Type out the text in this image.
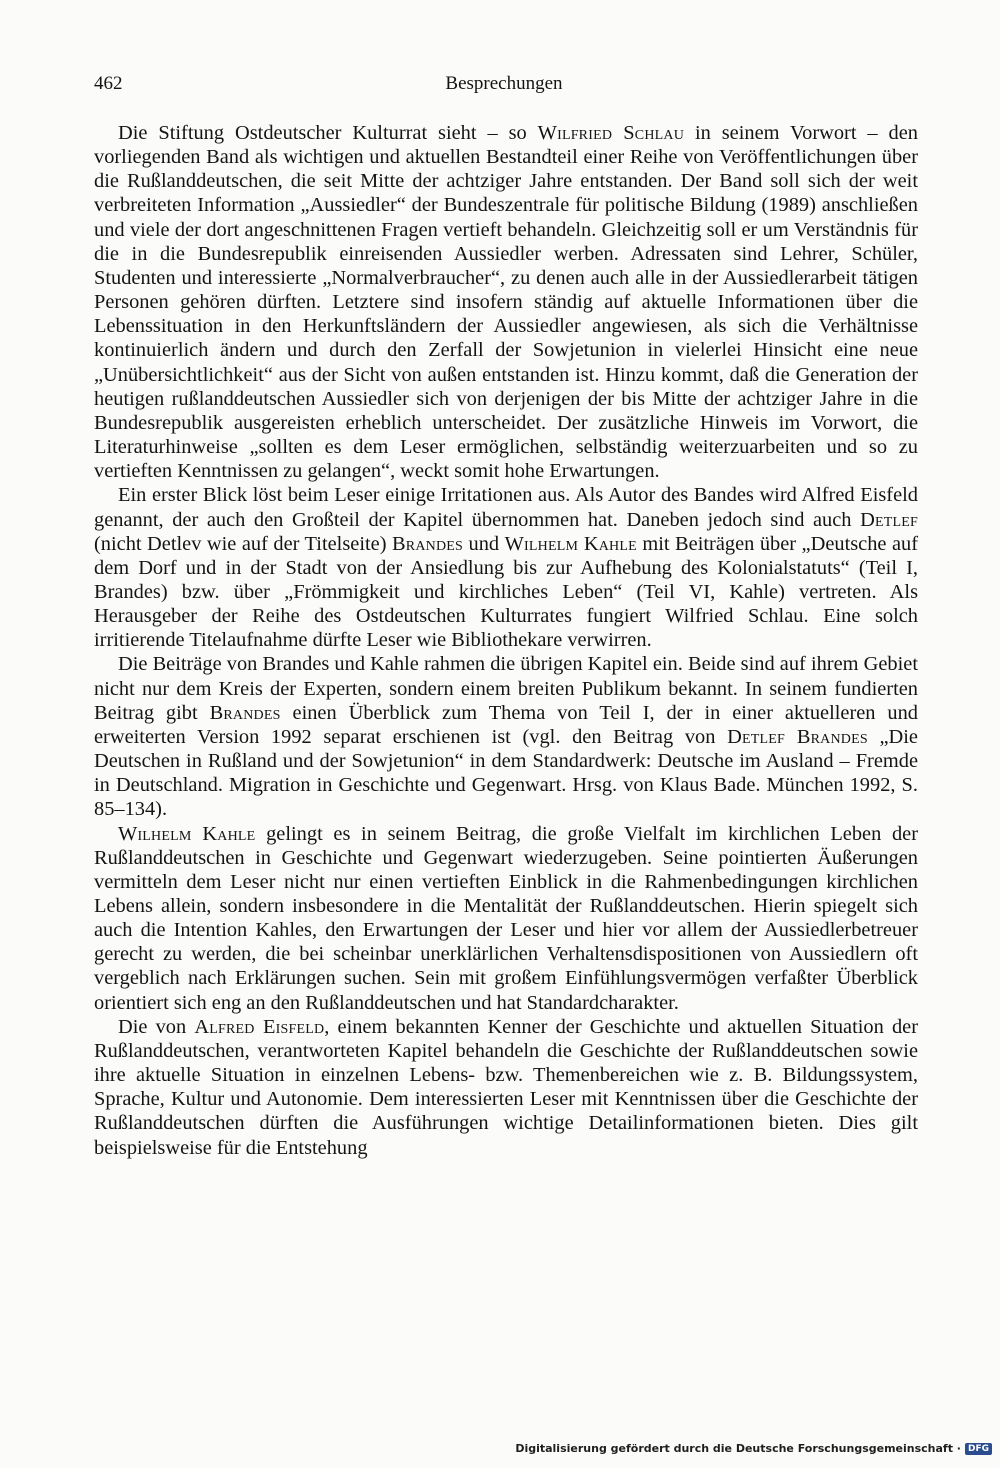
462	Besprechungen

Die Stiftung Ostdeutscher Kulturrat sieht – so Wilfried Schlau in seinem Vorwort – den vorliegenden Band als wichtigen und aktuellen Bestandteil einer Reihe von Veröffentlichungen über die Rußlanddeutschen, die seit Mitte der achtziger Jahre entstanden. Der Band soll sich der weit verbreiteten Information „Aussiedler“ der Bundeszentrale für politische Bildung (1989) anschließen und viele der dort angeschnittenen Fragen vertieft behandeln. Gleichzeitig soll er um Verständnis für die in die Bundesrepublik einreisenden Aussiedler werben. Adressaten sind Lehrer, Schüler, Studenten und interessierte „Normalverbraucher“, zu denen auch alle in der Aussiedlerarbeit tätigen Personen gehören dürften. Letztere sind insofern ständig auf aktuelle Informationen über die Lebenssituation in den Herkunftsländern der Aussiedler angewiesen, als sich die Verhältnisse kontinuierlich ändern und durch den Zerfall der Sowjetunion in vielerlei Hinsicht eine neue „Unübersichtlichkeit“ aus der Sicht von außen entstanden ist. Hinzu kommt, daß die Generation der heutigen rußlanddeutschen Aussiedler sich von derjenigen der bis Mitte der achtziger Jahre in die Bundesrepublik ausgereisten erheblich unterscheidet. Der zusätzliche Hinweis im Vorwort, die Literaturhinweise „sollten es dem Leser ermöglichen, selbständig weiterzuarbeiten und so zu vertieften Kenntnissen zu gelangen“, weckt somit hohe Erwartungen.

Ein erster Blick löst beim Leser einige Irritationen aus. Als Autor des Bandes wird Alfred Eisfeld genannt, der auch den Großteil der Kapitel übernommen hat. Daneben jedoch sind auch Detlef (nicht Detlev wie auf der Titelseite) Brandes und Wilhelm Kahle mit Beiträgen über „Deutsche auf dem Dorf und in der Stadt von der Ansiedlung bis zur Aufhebung des Kolonialstatuts“ (Teil I, Brandes) bzw. über „Frömmigkeit und kirchliches Leben“ (Teil VI, Kahle) vertreten. Als Herausgeber der Reihe des Ostdeutschen Kulturrates fungiert Wilfried Schlau. Eine solch irritierende Titelaufnahme dürfte Leser wie Bibliothekare verwirren.

Die Beiträge von Brandes und Kahle rahmen die übrigen Kapitel ein. Beide sind auf ihrem Gebiet nicht nur dem Kreis der Experten, sondern einem breiten Publikum bekannt. In seinem fundierten Beitrag gibt Brandes einen Überblick zum Thema von Teil I, der in einer aktuelleren und erweiterten Version 1992 separat erschienen ist (vgl. den Beitrag von Detlef Brandes „Die Deutschen in Rußland und der Sowjetunion“ in dem Standardwerk: Deutsche im Ausland – Fremde in Deutschland. Migration in Geschichte und Gegenwart. Hrsg. von Klaus Bade. München 1992, S. 85–134).

Wilhelm Kahle gelingt es in seinem Beitrag, die große Vielfalt im kirchlichen Leben der Rußlanddeutschen in Geschichte und Gegenwart wiederzugeben. Seine pointierten Äußerungen vermitteln dem Leser nicht nur einen vertieften Einblick in die Rahmenbedingungen kirchlichen Lebens allein, sondern insbesondere in die Mentalität der Rußlanddeutschen. Hierin spiegelt sich auch die Intention Kahles, den Erwartungen der Leser und hier vor allem der Aussiedlerbetreuer gerecht zu werden, die bei scheinbar unerklärlichen Verhaltensdispositionen von Aussiedlern oft vergeblich nach Erklärungen suchen. Sein mit großem Einfühlungsvermögen verfaßter Überblick orientiert sich eng an den Rußlanddeutschen und hat Standardcharakter.

Die von Alfred Eisfeld, einem bekannten Kenner der Geschichte und aktuellen Situation der Rußlanddeutschen, verantworteten Kapitel behandeln die Geschichte der Rußlanddeutschen sowie ihre aktuelle Situation in einzelnen Lebens- bzw. Themenbereichen wie z. B. Bildungssystem, Sprache, Kultur und Autonomie. Dem interessierten Leser mit Kenntnissen über die Geschichte der Rußlanddeutschen dürften die Ausführungen wichtige Detailinformationen bieten. Dies gilt beispielsweise für die Entstehung

Digitalisierung gefördert durch die Deutsche Forschungsgemeinschaft · DFG
